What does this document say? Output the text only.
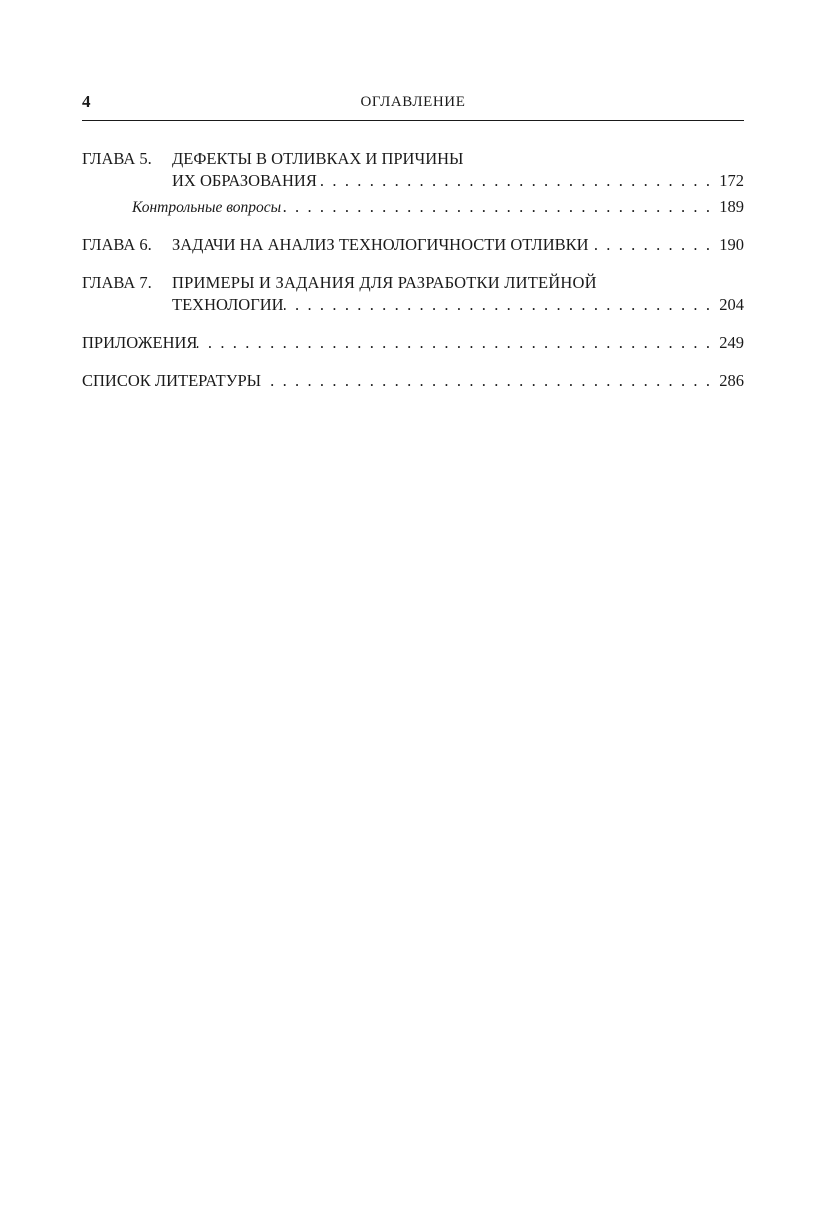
4	ОГЛАВЛЕНИЕ
ГЛАВА 5.	ДЕФЕКТЫ В ОТЛИВКАХ И ПРИЧИНЫ
ИХ ОБРАЗОВАНИЯ . . .	172
Контрольные вопросы . . .	189
ГЛАВА 6.	ЗАДАЧИ НА АНАЛИЗ ТЕХНОЛОГИЧНОСТИ ОТЛИВКИ . . .	190
ГЛАВА 7.	ПРИМЕРЫ И ЗАДАНИЯ ДЛЯ РАЗРАБОТКИ ЛИТЕЙНОЙ
ТЕХНОЛОГИИ . . .	204
ПРИЛОЖЕНИЯ . . .	249
СПИСОК ЛИТЕРАТУРЫ . . .	286
